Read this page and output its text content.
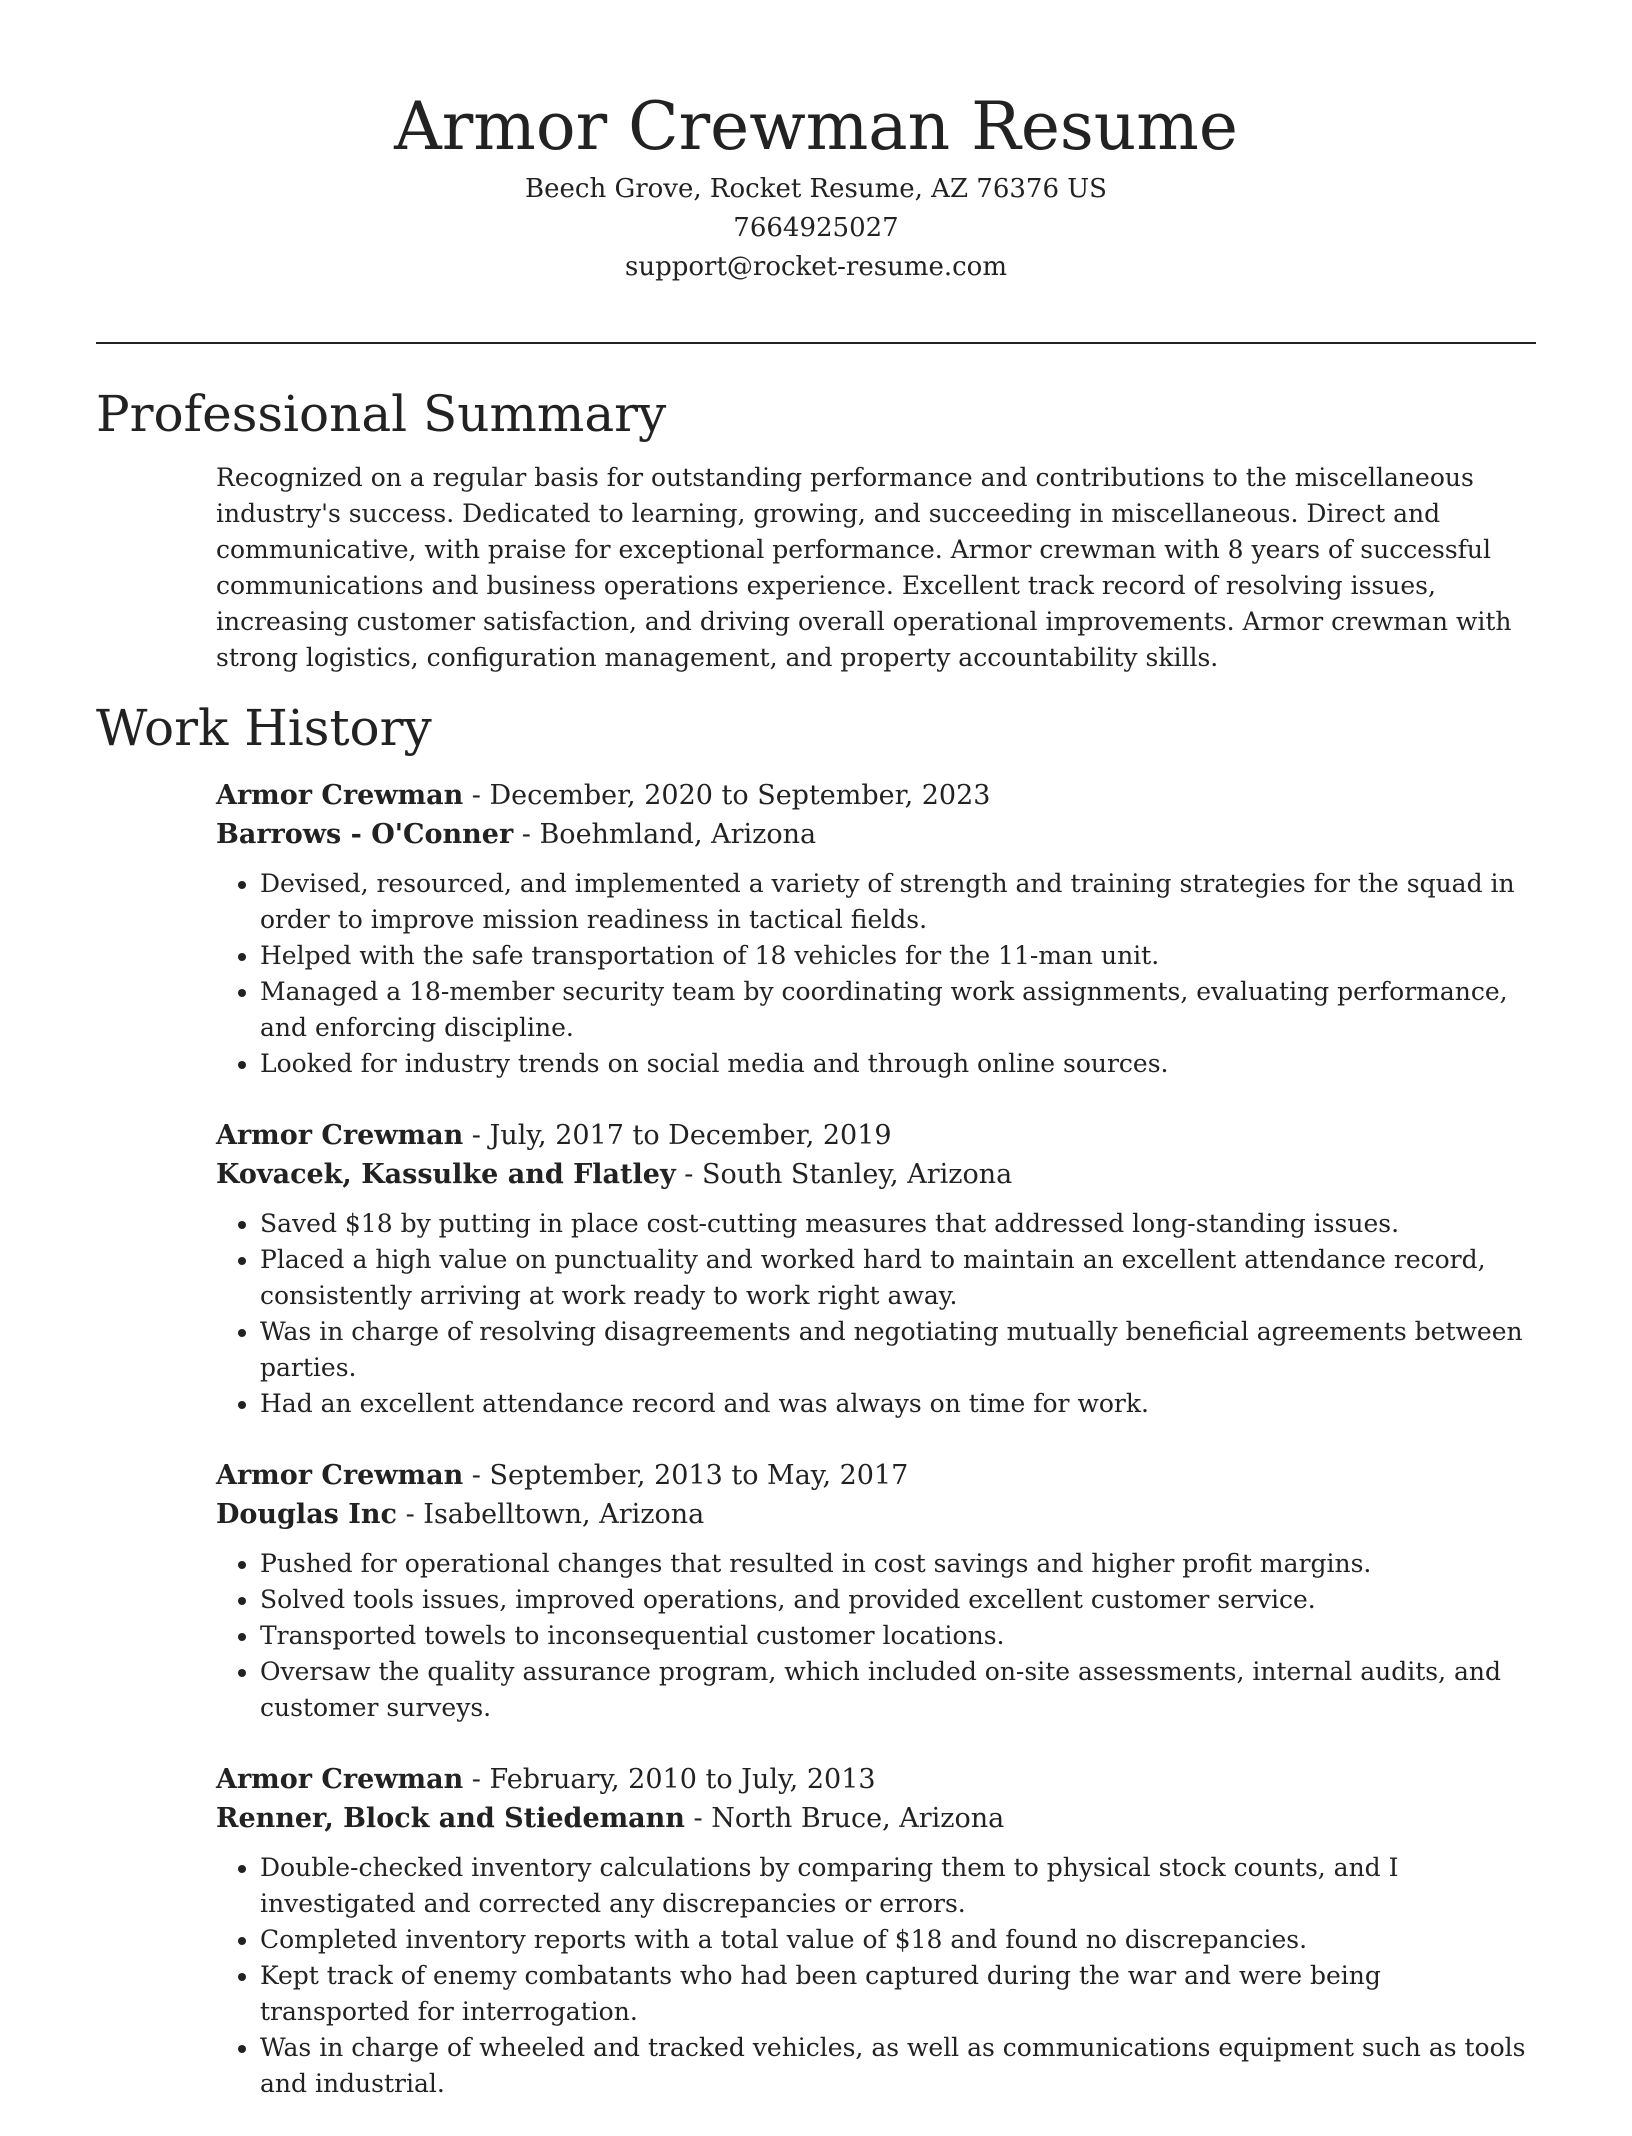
Armor Crewman Resume
Beech Grove, Rocket Resume, AZ 76376 US
7664925027
support@rocket-resume.com
Professional Summary

Recognized on a regular basis for outstanding performance and contributions to the miscellaneous industry's success. Dedicated to learning, growing, and succeeding in miscellaneous. Direct and communicative, with praise for exceptional performance. Armor crewman with 8 years of successful communications and business operations experience. Excellent track record of resolving issues, increasing customer satisfaction, and driving overall operational improvements. Armor crewman with strong logistics, configuration management, and property accountability skills.

Work History
Armor Crewman - December, 2020 to September, 2023
Barrows - O'Conner - Boehmland, Arizona
• Devised, resourced, and implemented a variety of strength and training strategies for the squad in order to improve mission readiness in tactical fields.
• Helped with the safe transportation of 18 vehicles for the 11-man unit.
• Managed a 18-member security team by coordinating work assignments, evaluating performance, and enforcing discipline.
• Looked for industry trends on social media and through online sources.
Armor Crewman - July, 2017 to December, 2019
Kovacek, Kassulke and Flatley - South Stanley, Arizona
• Saved $18 by putting in place cost-cutting measures that addressed long-standing issues.
• Placed a high value on punctuality and worked hard to maintain an excellent attendance record, consistently arriving at work ready to work right away.
• Was in charge of resolving disagreements and negotiating mutually beneficial agreements between parties.
• Had an excellent attendance record and was always on time for work.
Armor Crewman - September, 2013 to May, 2017
Douglas Inc - Isabelltown, Arizona
• Pushed for operational changes that resulted in cost savings and higher profit margins.
• Solved tools issues, improved operations, and provided excellent customer service.
• Transported towels to inconsequential customer locations.
• Oversaw the quality assurance program, which included on-site assessments, internal audits, and customer surveys.
Armor Crewman - February, 2010 to July, 2013
Renner, Block and Stiedemann - North Bruce, Arizona
• Double-checked inventory calculations by comparing them to physical stock counts, and I investigated and corrected any discrepancies or errors.
• Completed inventory reports with a total value of $18 and found no discrepancies.
• Kept track of enemy combatants who had been captured during the war and were being transported for interrogation.
• Was in charge of wheeled and tracked vehicles, as well as communications equipment such as tools and industrial.
